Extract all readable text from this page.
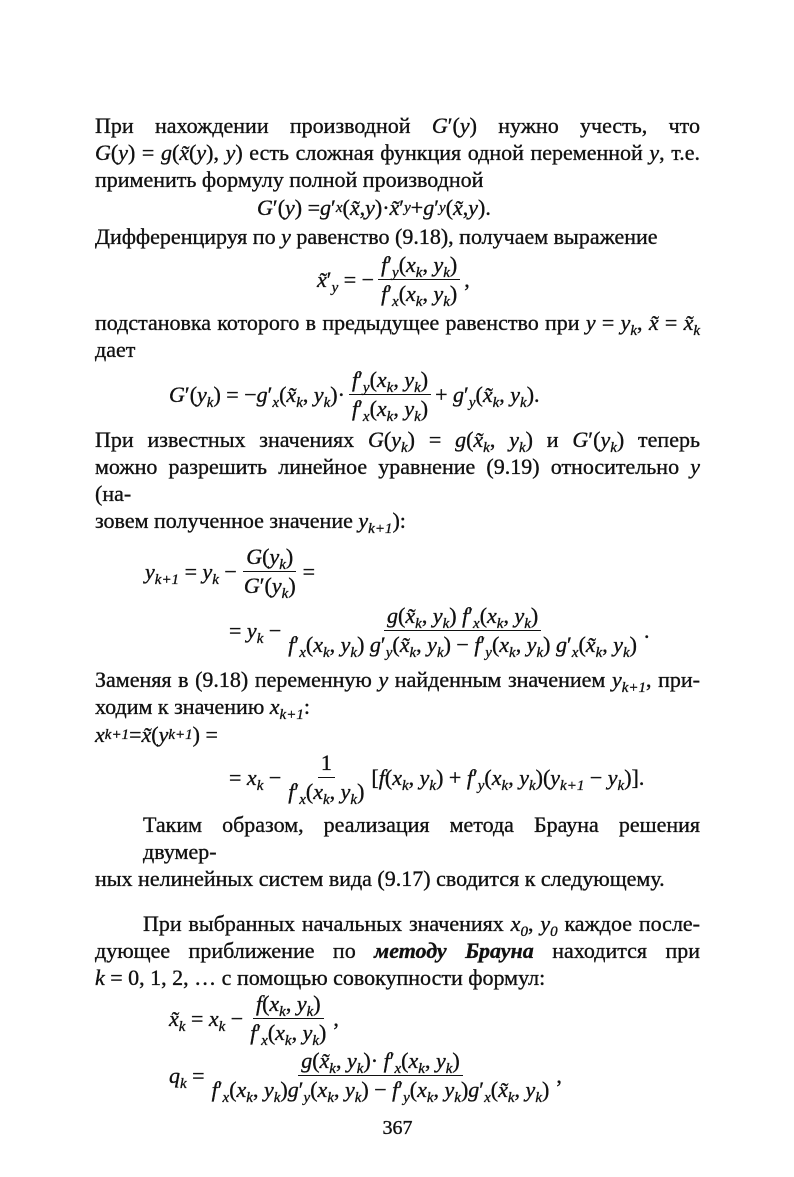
При нахождении производной G′(y) нужно учесть, что
G(y) = g(x̃(y), y) есть сложная функция одной переменной y, т.е.
применить формулу полной производной
G ′( y ) = g ′ x ( x̃ , y )· x̃ ′ y + g ′ y ( x̃ , y ).
Дифференцируя по y равенство (9.18), получаем выражение
$x̃'_y$ = − $\frac{f'_y(x_k, y_k)}{f'_x(x_k, y_k)}$ ,
подстановка которого в предыдущее равенство при $y = y_k$, x̃ = $x̃_k$
дает
$G'(y_k)$ = $-g'_x(x̃_k$, $y_k)\cdot \frac{f'_y(x_k, y_k)}{f'_x(x_k, y_k)}$ + $g'_y(x̃_k$, $y_k$).
При известных значениях $G(y_k)$ = $g(x̃_k$, $y_k$) и $G'(y_k)$ теперь
можно разрешить линейное уравнение (9.19) относительно y (на-
зовем полученное значение $y_{k+1}$):
$y_{k+1} = y_k - \frac{G(y_k)}{G'(y_k)}$ =
= $y_k - \frac{g(x̃_k, y_k) f'_x(x_k, y_k)}{f'_x(x_k, y_k) g'_y(x̃_k, y_k) - f'_y(x_k, y_k) g'_x(x̃_k, y_k)}$ .
Заменяя в (9.18) переменную y найденным значением $y_{k+1}$, при-
ходим к значению $x_{k+1}$:
x k+1 = x̃ ( y k+1 ) =
= $x_k - \frac{1}{f'_x(x_k, y_k)} [f(x_k$, $y_k) + f'_y(x_k$, $y_k)(y_{k+1} - y_k)$].
Таким образом, реализация метода Брауна решения двумер-
ных нелинейных систем вида (9.17) сводится к следующему.
При выбранных начальных значениях $x_0$, $y_0$ каждое после-
дующее приближение по методу Брауна находится при
k = 0, 1, 2, … с помощью совокупности формул:
$x̃_k = x_k - \frac{f(x_k, y_k)}{f'_x(x_k, y_k)}$ ,
$q_k = \frac{g(x̃_k, y_k)\cdot f'_x(x_k, y_k)}{f'_x(x_k, y_k)g'_y(x_k, y_k) - f'_y(x_k, y_k)g'_x(x̃_k, y_k)}$ ,
367
